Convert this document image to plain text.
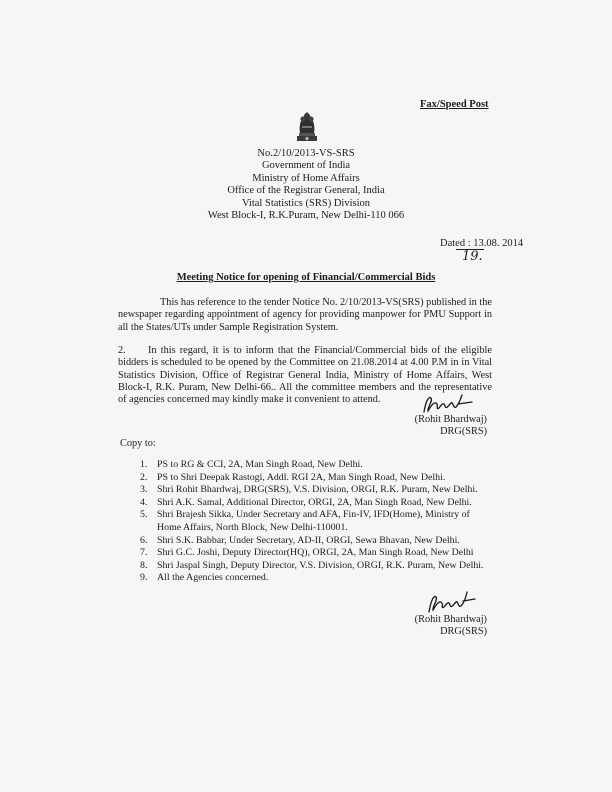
Fax/Speed Post
No.2/10/2013-VS-SRS
Government of India
Ministry of Home Affairs
Office of the Registrar General, India
Vital Statistics (SRS) Division
West Block-I, R.K.Puram, New Delhi-110 066
Dated : 13.08. 2014
19.
Meeting Notice for opening of Financial/Commercial Bids
This has reference to the tender Notice No. 2/10/2013-VS(SRS) published in the newspaper regarding appointment of agency for providing manpower for PMU Support in all the States/UTs under Sample Registration System.
2. In this regard, it is to inform that the Financial/Commercial bids of the eligible bidders is scheduled to be opened by the Committee on 21.08.2014 at 4.00 P.M in in Vital Statistics Division, Office of Registrar General India, Ministry of Home Affairs, West Block-I, R.K. Puram, New Delhi-66.. All the committee members and the representative of agencies concerned may kindly make it convenient to attend.
(Rohit Bhardwaj)
DRG(SRS)
Copy to:
1. PS to RG & CCI, 2A, Man Singh Road, New Delhi.
2. PS to Shri Deepak Rastogi, Addl. RGI 2A, Man Singh Road, New Delhi.
3. Shri Rohit Bhardwaj, DRG(SRS), V.S. Division, ORGI, R.K. Puram, New Delhi.
4. Shri A.K. Samal, Additional Director, ORGI, 2A, Man Singh Road, New Delhi.
5. Shri Brajesh Sikka, Under Secretary and AFA, Fin-IV, IFD(Home), Ministry of Home Affairs, North Block, New Delhi-110001.
6. Shri S.K. Babbar, Under Secretary, AD-II, ORGI, Sewa Bhavan, New Delhi.
7. Shri G.C. Joshi, Deputy Director(HQ), ORGI, 2A, Man Singh Road, New Delhi
8. Shri Jaspal Singh, Deputy Director, V.S. Division, ORGI, R.K. Puram, New Delhi.
9. All the Agencies concerned.
(Rohit Bhardwaj)
DRG(SRS)
